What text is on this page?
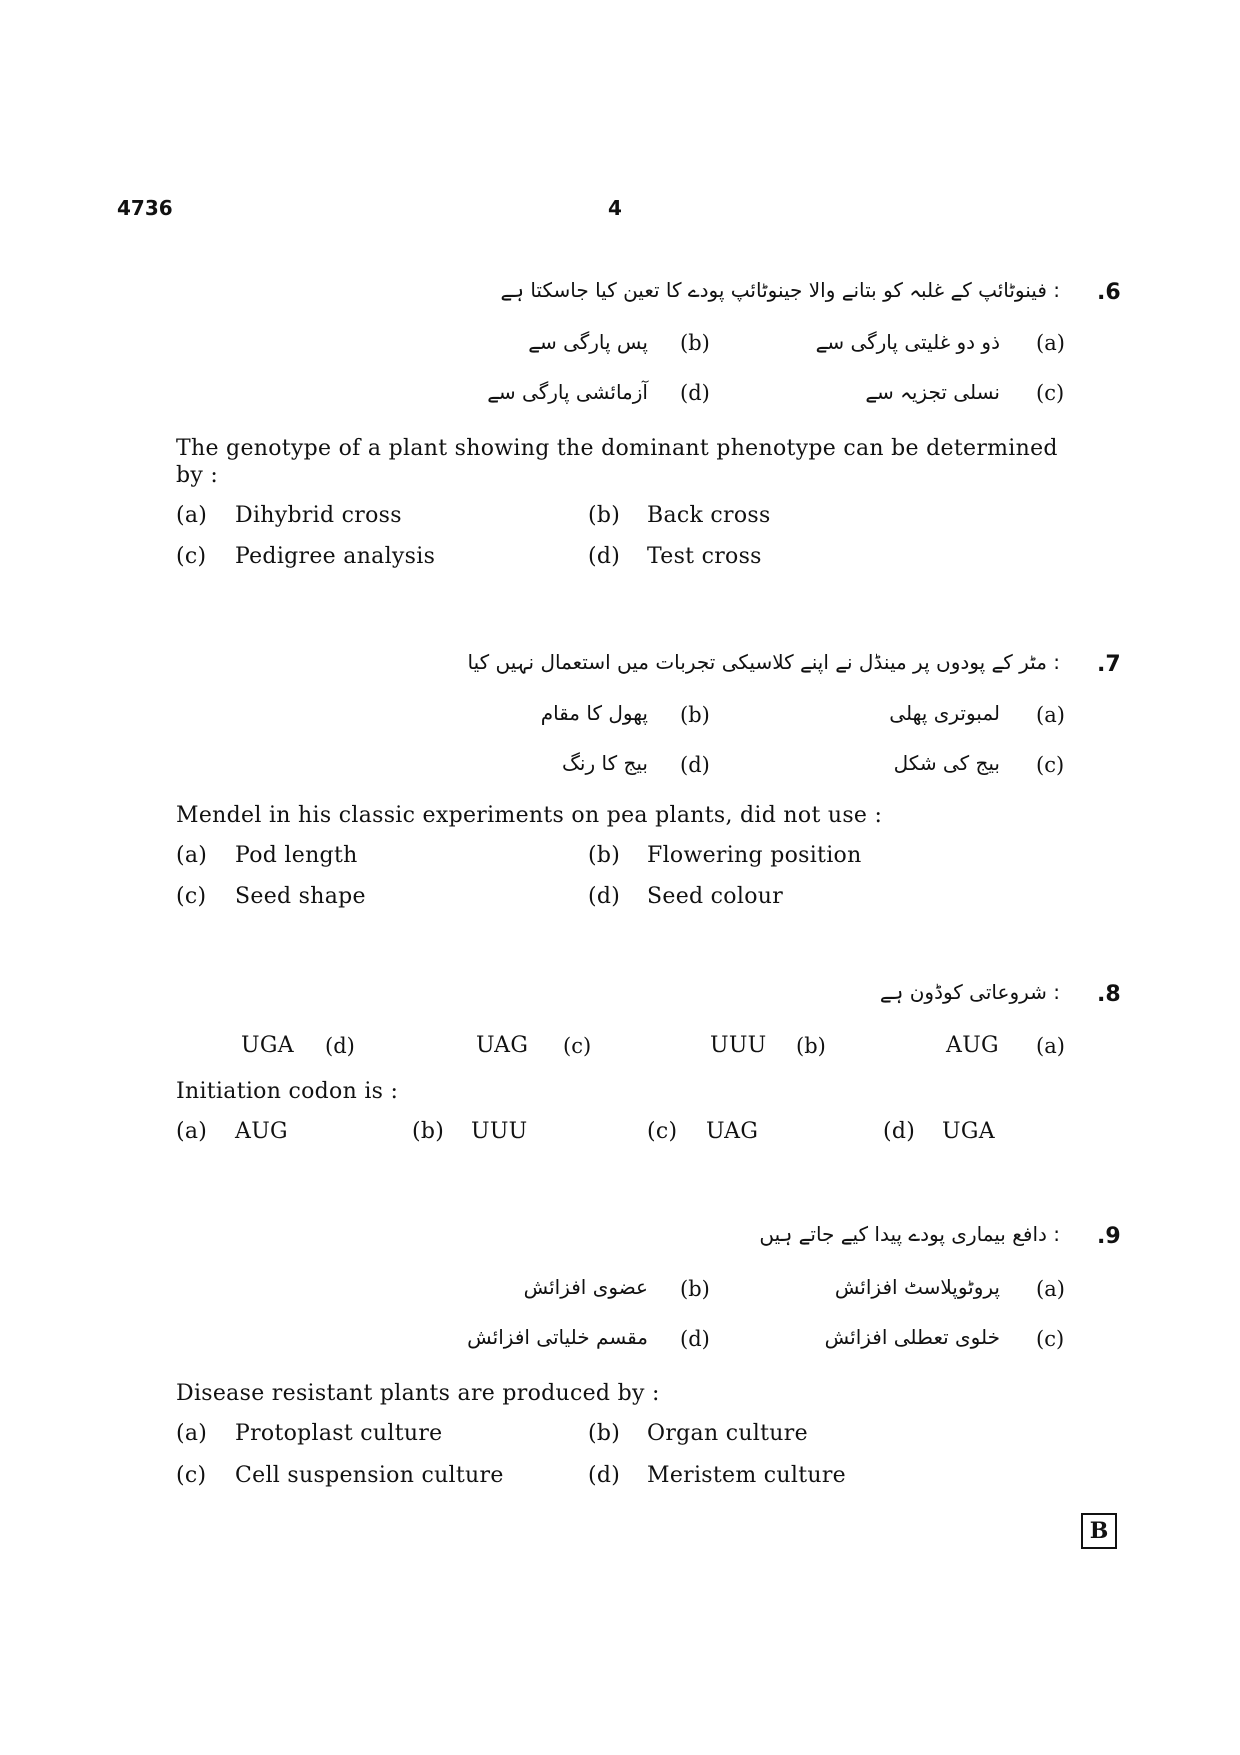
4736	4
.6
: فینوٹائپ کے غلبہ کو بتانے والا جینوٹائپ پودے کا تعین کیا جاسکتا ہے
(a)
ذو دو غلیتی پارگی سے
(b)
پس پارگی سے
(c)
نسلی تجزیہ سے
(d)
آزمائشی پارگی سے
The genotype of a plant showing the dominant phenotype can be determined
by :
(a) Dihybrid cross	(b) Back cross
(c) Pedigree analysis	(d) Test cross
.7
: مٹر کے پودوں پر مینڈل نے اپنے کلاسیکی تجربات میں استعمال نہیں کیا
(a)
لمبوتری پھلی
(b)
پھول کا مقام
(c)
بیج کی شکل
(d)
بیج کا رنگ
Mendel in his classic experiments on pea plants, did not use :
(a) Pod length	(b) Flowering position
(c) Seed shape	(d) Seed colour
.8
: شروعاتی کوڈون ہے
(a)
AUG
(b)
UUU
(c)
UAG
(d)
UGA
Initiation codon is :
(a) AUG	(b) UUU	(c) UAG	(d) UGA
.9
: دافع بیماری پودے پیدا کیے جاتے ہیں
(a)
پروٹوپلاسٹ افزائش
(b)
عضوی افزائش
(c)
خلوی تعطلی افزائش
(d)
مقسم خلیاتی افزائش
Disease resistant plants are produced by :
(a) Protoplast culture	(b) Organ culture
(c) Cell suspension culture	(d) Meristem culture
B
